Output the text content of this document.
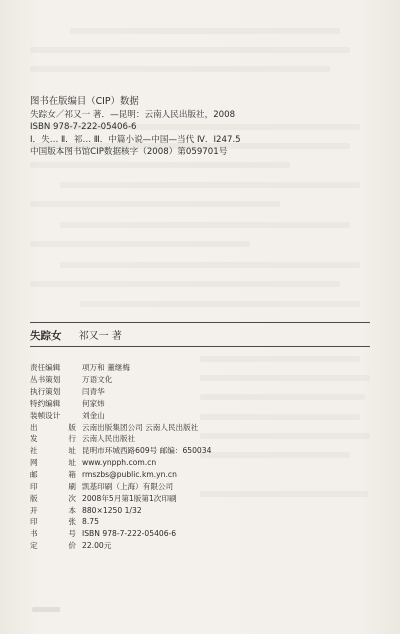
图书在版编目（CIP）数据
失踪女／祁又一 著．—昆明：云南人民出版社，2008
ISBN 978-7-222-05406-6
Ⅰ．失… Ⅱ．祁… Ⅲ．中篇小说—中国—当代 Ⅳ．I247.5
中国版本图书馆CIP数据核字（2008）第059701号
失踪女 祁又一 著
责任编辑	项万和 董继梅
丛书策划	万语文化
执行策划	闫青华
特约编辑	何家炜
装帧设计	刘金山
出	版 云南出版集团公司 云南人民出版社
发	行 云南人民出版社
社	址 昆明市环城西路609号 邮编：650034
网	址 www.ynpph.com.cn
邮	箱 rmszbs@public.km.yn.cn
印	刷 凯基印刷（上海）有限公司
版	次 2008年5月第1版第1次印刷
开	本 880×1250 1/32
印	张 8.75
书	号 ISBN 978-7-222-05406-6
定	价 22.00元
